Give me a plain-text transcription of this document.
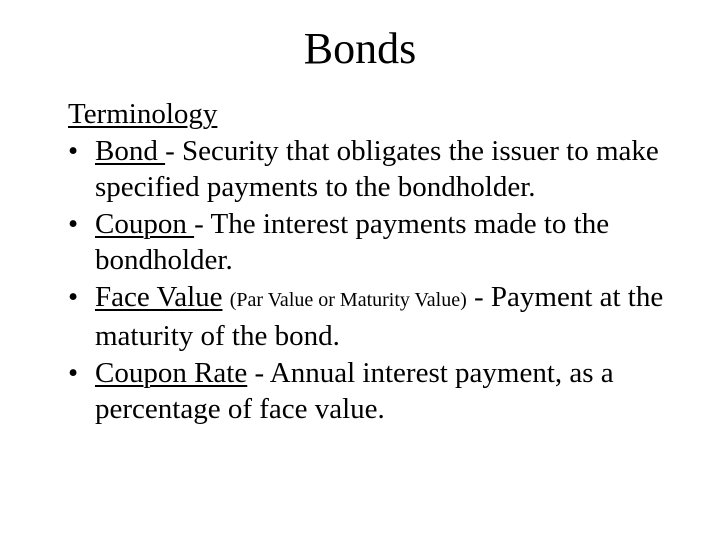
Bonds
Terminology
• Bond - Security that obligates the issuer to make specified payments to the bondholder.
• Coupon - The interest payments made to the bondholder.
• Face Value (Par Value or Maturity Value) - Payment at the maturity of the bond.
• Coupon Rate - Annual interest payment, as a percentage of face value.
